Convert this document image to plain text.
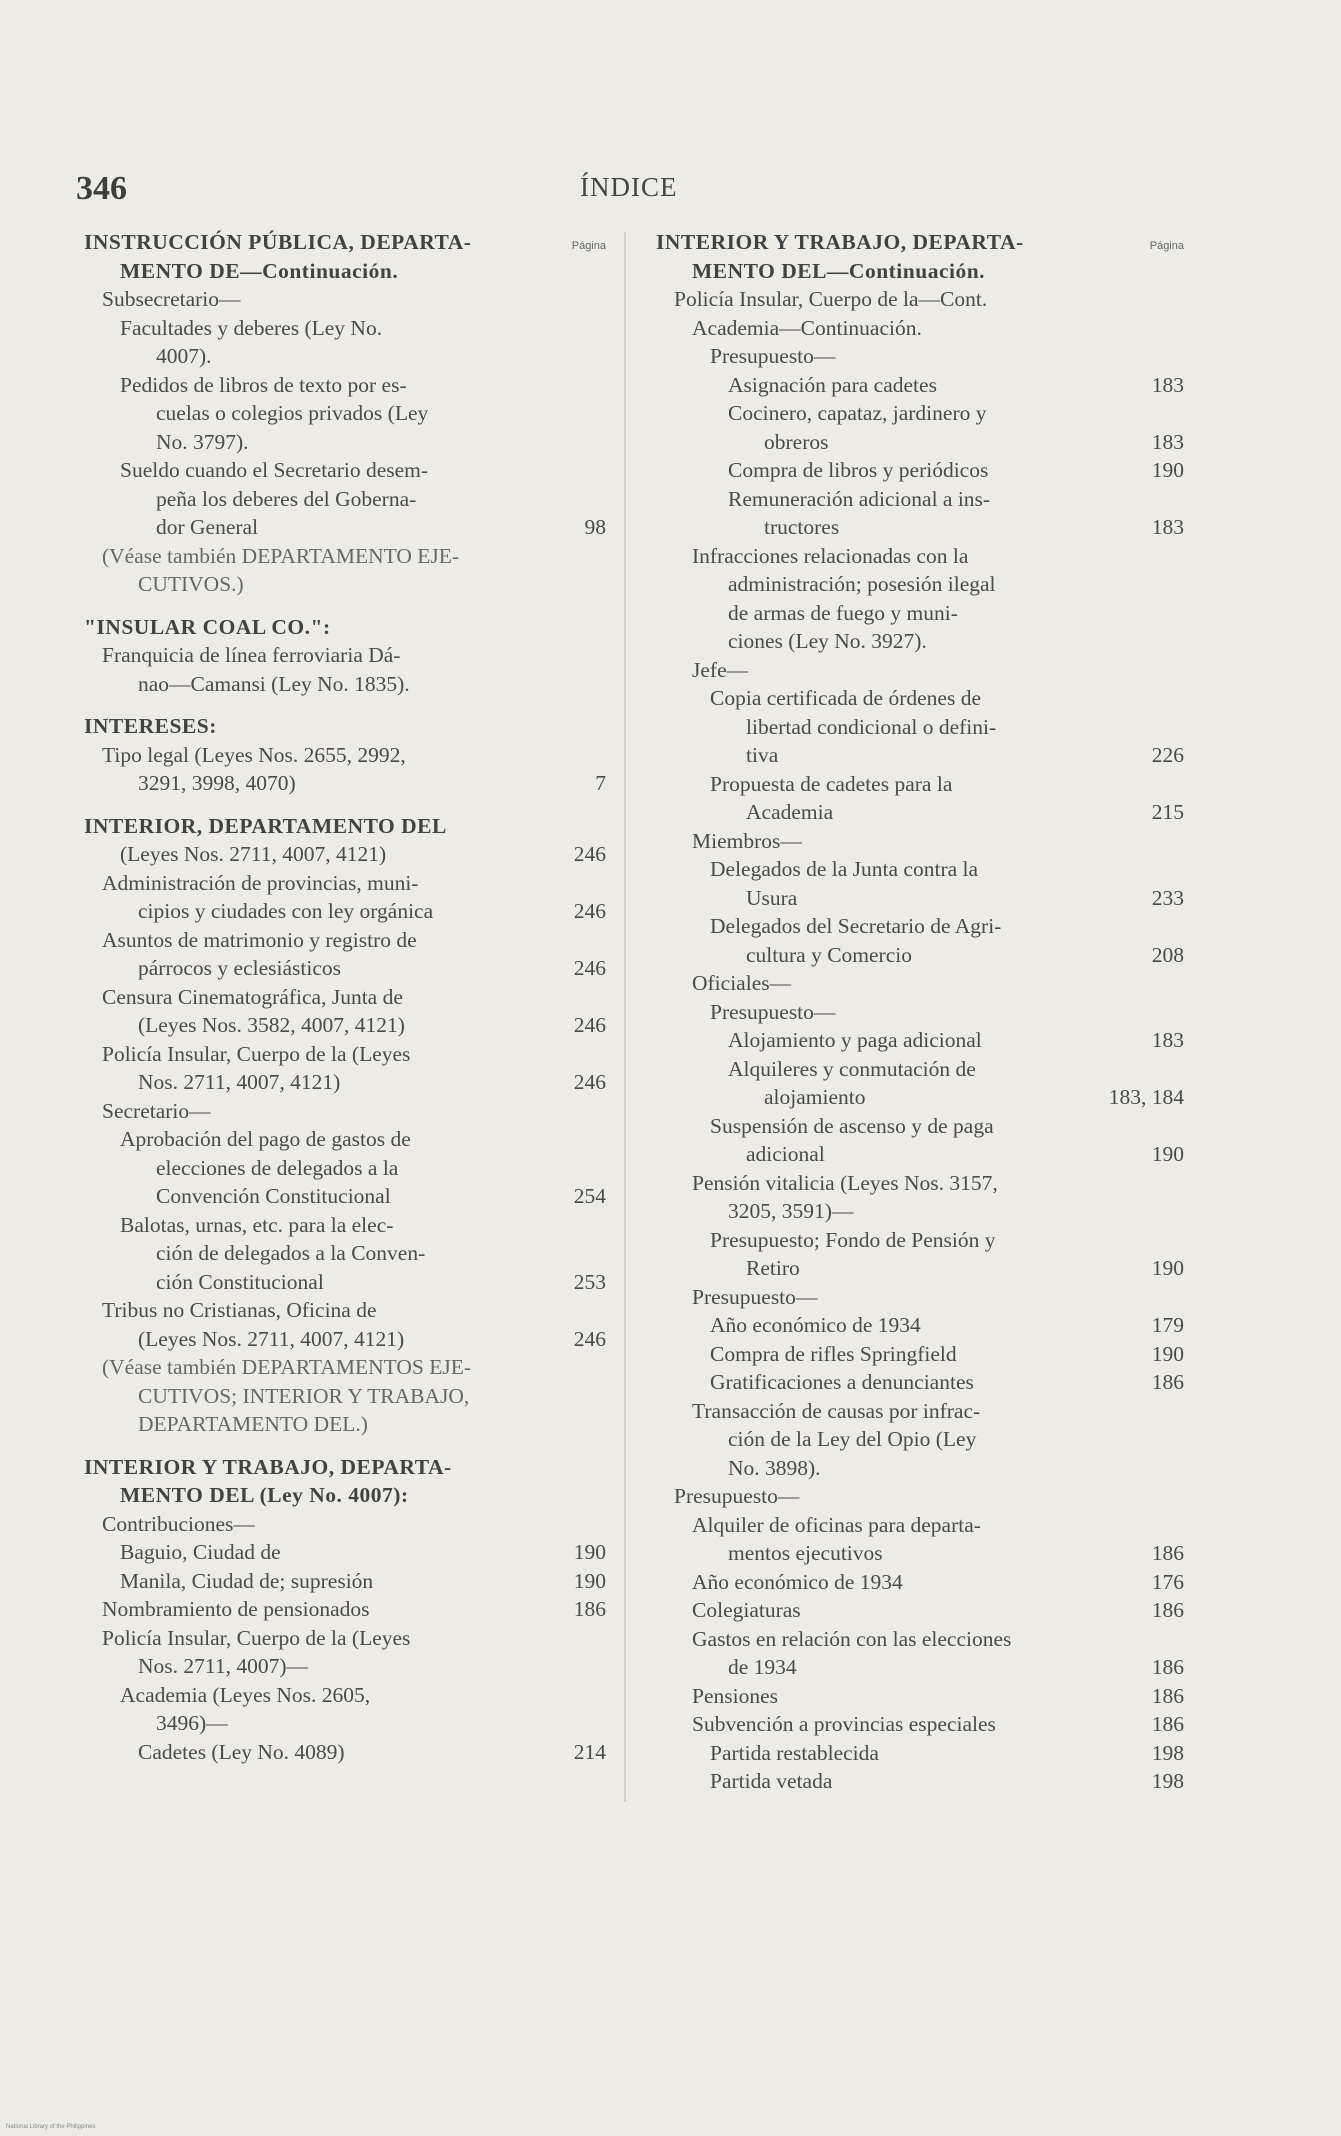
346	ÍNDICE
INSTRUCCIÓN PÚBLICA, DEPARTA-	Página
MENTO DE—Continuación.
Subsecretario—
Facultades y deberes (Ley No.
4007).
Pedidos de libros de texto por es-
cuelas o colegios privados (Ley
No. 3797).
Sueldo cuando el Secretario desem-
peña los deberes del Goberna-
dor General	98
(Véase también DEPARTAMENTO EJE-
CUTIVOS.)
"INSULAR COAL CO.":
Franquicia de línea ferroviaria Dá-
nao—Camansi (Ley No. 1835).
INTERESES:
Tipo legal (Leyes Nos. 2655, 2992,
3291, 3998, 4070)	7
INTERIOR, DEPARTAMENTO DEL
(Leyes Nos. 2711, 4007, 4121)	246
Administración de provincias, muni-
cipios y ciudades con ley orgánica	246
Asuntos de matrimonio y registro de
párrocos y eclesiásticos	246
Censura Cinematográfica, Junta de
(Leyes Nos. 3582, 4007, 4121)	246
Policía Insular, Cuerpo de la (Leyes
Nos. 2711, 4007, 4121)	246
Secretario—
Aprobación del pago de gastos de
elecciones de delegados a la
Convención Constitucional	254
Balotas, urnas, etc. para la elec-
ción de delegados a la Conven-
ción Constitucional	253
Tribus no Cristianas, Oficina de
(Leyes Nos. 2711, 4007, 4121)	246
(Véase también DEPARTAMENTOS EJE-
CUTIVOS; INTERIOR Y TRABAJO,
DEPARTAMENTO DEL.)
INTERIOR Y TRABAJO, DEPARTA-
MENTO DEL (Ley No. 4007):
Contribuciones—
Baguio, Ciudad de	190
Manila, Ciudad de; supresión	190
Nombramiento de pensionados	186
Policía Insular, Cuerpo de la (Leyes
Nos. 2711, 4007)—
Academia (Leyes Nos. 2605,
3496)—
Cadetes (Ley No. 4089)	214
INTERIOR Y TRABAJO, DEPARTA-	Página
MENTO DEL—Continuación.
Policía Insular, Cuerpo de la—Cont.
Academia—Continuación.
Presupuesto—
Asignación para cadetes	183
Cocinero, capataz, jardinero y
obreros	183
Compra de libros y periódicos	190
Remuneración adicional a ins-
tructores	183
Infracciones relacionadas con la
administración; posesión ilegal
de armas de fuego y muni-
ciones (Ley No. 3927).
Jefe—
Copia certificada de órdenes de
libertad condicional o defini-
tiva	226
Propuesta de cadetes para la
Academia	215
Miembros—
Delegados de la Junta contra la
Usura	233
Delegados del Secretario de Agri-
cultura y Comercio	208
Oficiales—
Presupuesto—
Alojamiento y paga adicional	183
Alquileres y conmutación de
alojamiento	183, 184
Suspensión de ascenso y de paga
adicional	190
Pensión vitalicia (Leyes Nos. 3157,
3205, 3591)—
Presupuesto; Fondo de Pensión y
Retiro	190
Presupuesto—
Año económico de 1934	179
Compra de rifles Springfield	190
Gratificaciones a denunciantes	186
Transacción de causas por infrac-
ción de la Ley del Opio (Ley
No. 3898).
Presupuesto—
Alquiler de oficinas para departa-
mentos ejecutivos	186
Año económico de 1934	176
Colegiaturas	186
Gastos en relación con las elecciones
de 1934	186
Pensiones	186
Subvención a provincias especiales	186
Partida restablecida	198
Partida vetada	198
National Library of the Philippines
